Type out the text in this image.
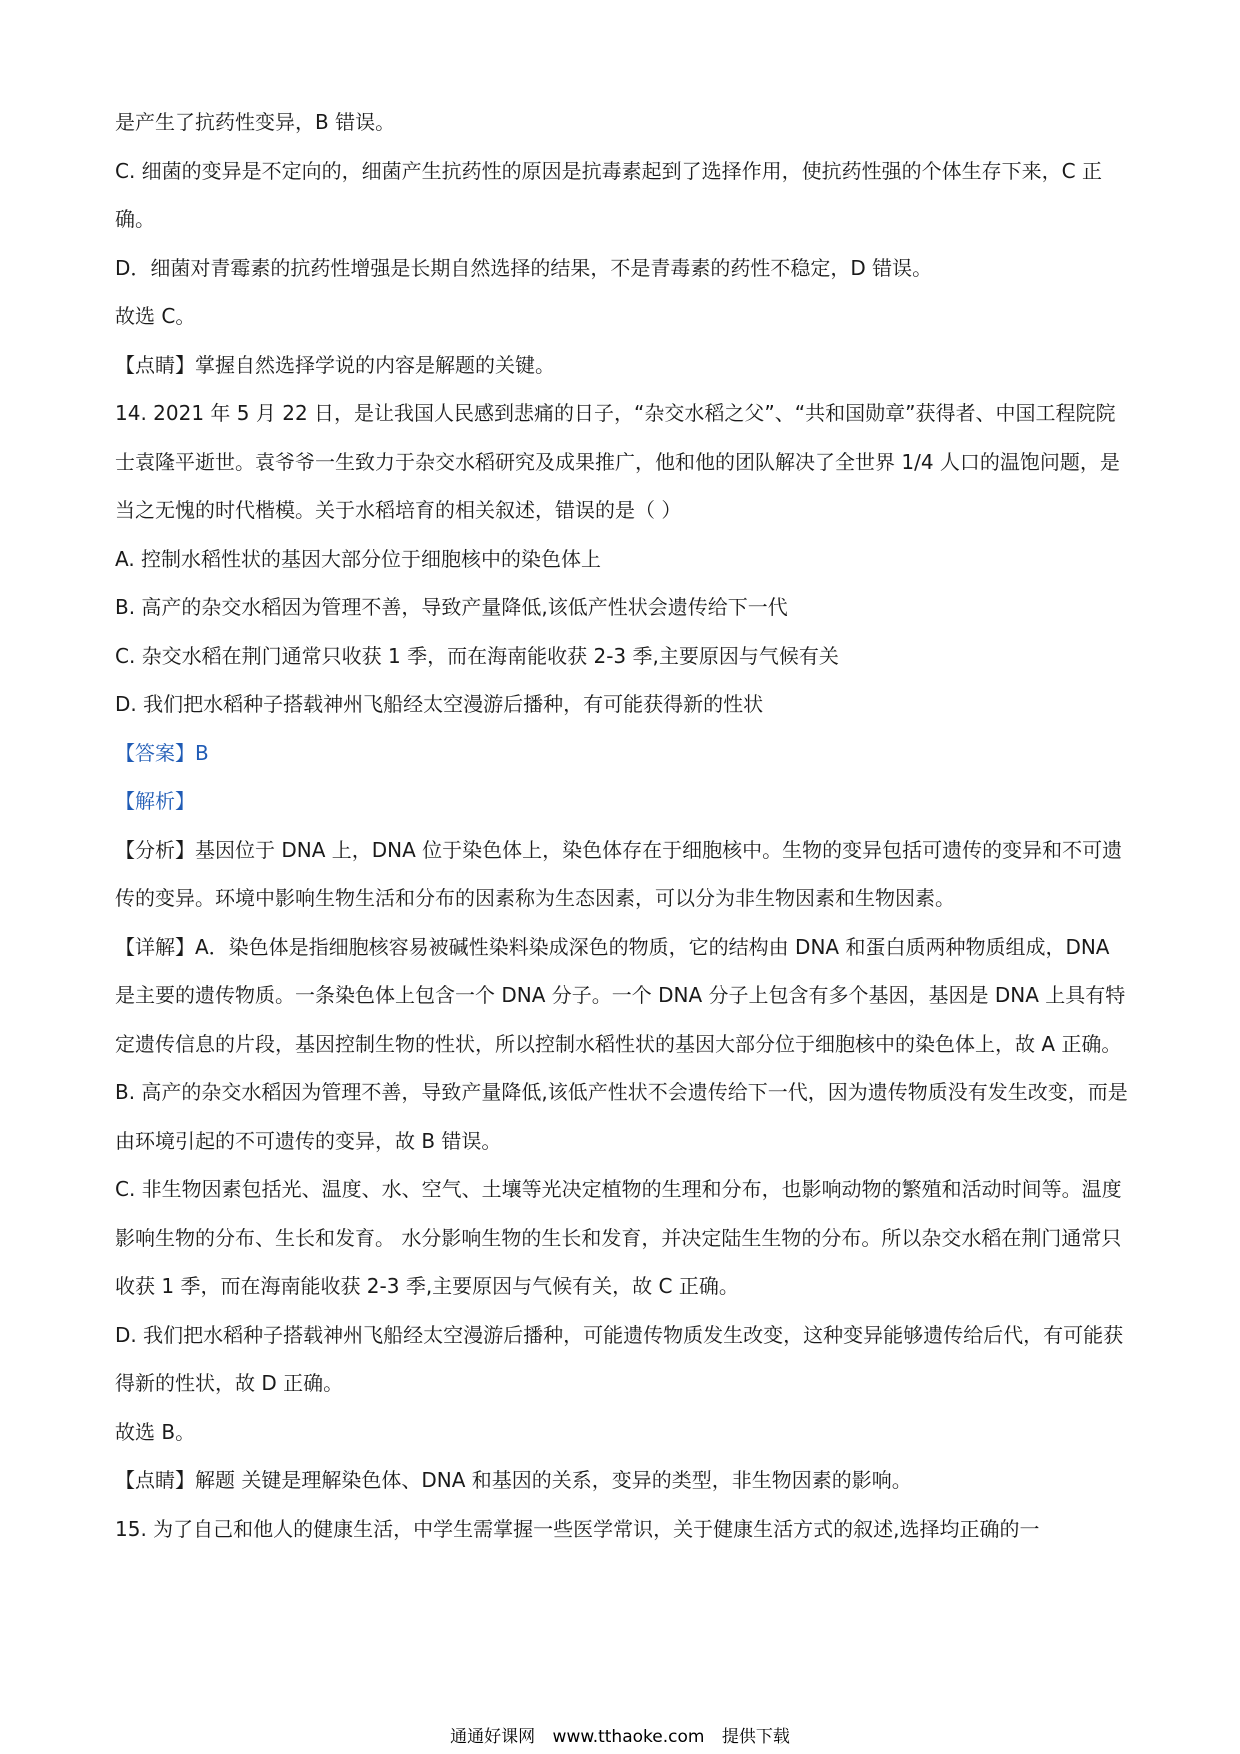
是产生了抗药性变异，B 错误。

C. 细菌的变异是不定向的，细菌产生抗药性的原因是抗毒素起到了选择作用，使抗药性强的个体生存下来，C 正确。

D．细菌对青霉素的抗药性增强是长期自然选择的结果，不是青毒素的药性不稳定，D 错误。

故选 C。

【点睛】掌握自然选择学说的内容是解题的关键。

14. 2021 年 5 月 22 日，是让我国人民感到悲痛的日子，“杂交水稻之父”、“共和国勋章”获得者、中国工程院院士袁隆平逝世。袁爷爷一生致力于杂交水稻研究及成果推广，他和他的团队解决了全世界 1/4 人口的温饱问题，是当之无愧的时代楷模。关于水稻培育的相关叙述，错误的是（ ）

A. 控制水稻性状的基因大部分位于细胞核中的染色体上

B. 高产的杂交水稻因为管理不善，导致产量降低,该低产性状会遗传给下一代

C. 杂交水稻在荆门通常只收获 1 季，而在海南能收获 2-3 季,主要原因与气候有关

D. 我们把水稻种子搭载神州飞船经太空漫游后播种，有可能获得新的性状

【答案】B

【解析】

【分析】基因位于 DNA 上，DNA 位于染色体上，染色体存在于细胞核中。生物的变异包括可遗传的变异和不可遗传的变异。环境中影响生物生活和分布的因素称为生态因素，可以分为非生物因素和生物因素。

【详解】A．染色体是指细胞核容易被碱性染料染成深色的物质，它的结构由 DNA 和蛋白质两种物质组成，DNA 是主要的遗传物质。一条染色体上包含一个 DNA 分子。一个 DNA 分子上包含有多个基因，基因是 DNA 上具有特定遗传信息的片段，基因控制生物的性状，所以控制水稻性状的基因大部分位于细胞核中的染色体上，故 A 正确。

B. 高产的杂交水稻因为管理不善，导致产量降低,该低产性状不会遗传给下一代，因为遗传物质没有发生改变，而是由环境引起的不可遗传的变异，故 B 错误。

C. 非生物因素包括光、温度、水、空气、土壤等光决定植物的生理和分布，也影响动物的繁殖和活动时间等。温度影响生物的分布、生长和发育。 水分影响生物的生长和发育，并决定陆生生物的分布。所以杂交水稻在荆门通常只收获 1 季，而在海南能收获 2-3 季,主要原因与气候有关，故 C 正确。

D. 我们把水稻种子搭载神州飞船经太空漫游后播种，可能遗传物质发生改变，这种变异能够遗传给后代，有可能获得新的性状，故 D 正确。

故选 B。

【点睛】解题 关键是理解染色体、DNA 和基因的关系，变异的类型，非生物因素的影响。

15. 为了自己和他人的健康生活，中学生需掌握一些医学常识，关于健康生活方式的叙述,选择均正确的一

通通好课网 www.tthaoke.com 提供下载
